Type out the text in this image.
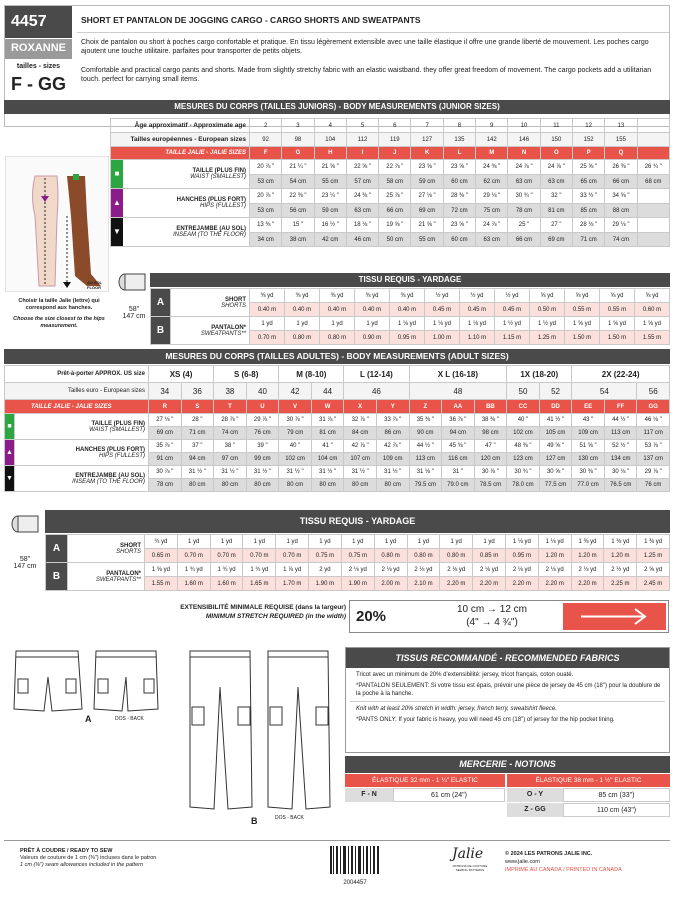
4457
ROXANNE
tailles - sizes
F - GG
SHORT ET PANTALON DE JOGGING CARGO - CARGO SHORTS AND SWEATPANTS
Choix de pantalon ou short à poches cargo confortable et pratique. En tissu légèrement extensible avec une taille élastique il offre une grande liberté de mouvement. Les poches cargo ajoutent une touche utilitaire. parfaites pour transporter de petits objets.
Comfortable and practical cargo pants and shorts. Made from slightly stretchy fabric with an elastic waistband. they offer great freedom of movement. The cargo pockets add a utilitarian touch. perfect for carrying small items.
MESURES DU CORPS (TAILLES JUNIORS) - BODY MEASUREMENTS (JUNIOR SIZES)
AU SOL FLOOR
Âge approximatif - Approximate age	2	3	4	5	6	7	8	9	10	11	12	13	
Tailles européennes - European sizes	92	98	104	112	119	127	135	142	146	150	152	155	
TAILLE JALIE - JALIE SIZES	F	G	H	I	J	K	L	M	N	O	P	Q	

■ TAILLE (PLUS FIN)
WAIST (SMALLEST)	20 ⅞ "	21 ¼ "	21 ⅝ "	22 ⅝ "	22 ⅞ "	23 ⅝ "	23 ⅝ "	24 ⅜ "	24 ⅞ "	24 ⅞ "	25 ⅝ "	26 ⅜ "	26 ¾ "
	53 cm	54 cm	55 cm	57 cm	58 cm	59 cm	60 cm	62 cm	63 cm	63 cm	65 cm	66 cm	68 cm

▲ HANCHES (PLUS FORT)
HIPS (FULLEST)	20 ⅞ "	22 ⅜ "	23 ¼ "	24 ⅜ "	25 ⅞ "	27 ⅛ "	28 ⅜ "	29 ⅛ "	30 ¾ "	32 "	33 ½ "	34 ⅝ "	
	53 cm	56 cm	59 cm	63 cm	66 cm	69 cm	72 cm	75 cm	78 cm	81 cm	85 cm	88 cm	

▼ ENTREJAMBE (AU SOL)
INSEAM (TO THE FLOOR)	13 ⅜ "	15 "	16 ½ "	18 ⅛ "	19 ⅝ "	21 ⅝ "	23 ⅝ "	24 ⅞ "	25 "	27 "	28 ⅛ "	29 ⅛ "	
	34 cm	38 cm	42 cm	46 cm	50 cm	55 cm	60 cm	63 cm	66 cm	69 cm	71 cm	74 cm	
Choisir la taille Jalie (lettre) qui correspond aux hanches.
Choose the size closest to the hips measurement.
58"
147 cm
TISSU REQUIS - YARDAGE
A	SHORT
SHORTS	⅜ yd	⅜ yd	⅜ yd	⅜ yd	⅜ yd	½ yd	½ yd	½ yd	⅝ yd	⅝ yd	⅝ yd	⅝ yd
		0.40 m	0.40 m	0.40 m	0.40 m	0.40 m	0.45 m	0.45 m	0.45 m	0.50 m	0.55 m	0.55 m	0.60 m
B	PANTALON*
SWEATPANTS**	1 yd	1 yd	1 yd	1 yd	1 ⅛ yd	1 ⅛ yd	1 ⅛ yd	1 ½ yd	1 ½ yd	1 ⅝ yd	1 ⅝ yd	1 ⅝ yd
		0.70 m	0.80 m	0.80 m	0.90 m	0.95 m	1.00 m	1.10 m	1.15 m	1.25 m	1.50 m	1.50 m	1.55 m
MESURES DU CORPS (TAILLES ADULTES) - BODY MEASUREMENTS (ADULT SIZES)
Prêt-à-porter APPROX. US size		XS (4)		S (6-8)		M (8-10)		L (12-14)		X L (16-18)			1X (18-20)		2X (22-24)		
Tailles euro - European sizes		34	36	38	40	42	44	46		48			50	52	54		56
TAILLE JALIE - JALIE SIZES		R	S	T	U	V	W	X	Y	Z	AA	BB	CC	DD	EE	FF	GG
■	TAILLE (PLUS FIN)
WAIST (SMALLEST)	27 ⅛ "	28 "	28 ⅞ "	29 ⅞ "	30 ⅞ "	31 ⅞ "	32 ⅞ "	33 ⅞ "	35 ⅜ "	36 ⅞ "	38 ⅜ "	40 "	41 ½ "	43 "	44 ½ "	46 ⅛ "
		69 cm	71 cm	74 cm	76 cm	79 cm	81 cm	84 cm	86 cm	90 cm	94 cm	98 cm	102 cm	105 cm	109 cm	113 cm	117 cm
▲	HANCHES (PLUS FORT)
HIPS (FULLEST)	35 ⅞ "	37 "	38 "	39 "	40 "	41 "	42 ⅞ "	42 ⅞ "	44 ½ "	45 ⅝ "	47 "	48 ⅜ "	49 ⅝ "	51 ⅝ "	52 ½ "	53 ⅞ "
		91 cm	94 cm	97 cm	99 cm	102 cm	104 cm	107 cm	109 cm	113 cm	116 cm	120 cm	123 cm	127 cm	130 cm	134 cm	137 cm
▼	ENTREJAMBE (AU SOL)
INSEAM (TO THE FLOOR)	30 ⅞ "	31 ½ "	31 ½ "	31 ½ "	31 ½ "	31 ½ "	31 ½ "	31 ½ "	31 ⅛ "	31 "	30 ⅞ "	30 ¾ "	30 ⅝ "	30 ⅜ "	30 ⅛ "	29 ⅞ "
		78 cm	80 cm	80 cm	80 cm	80 cm	80 cm	80 cm	80 cm	79.5 cm	79.0 cm	78.5 cm	78.0 cm	77.5 cm	77.0 cm	76.5 cm	76 cm
58"
147 cm
TISSU REQUIS - YARDAGE
A	SHORT
SHORTS	¾ yd	1 yd	1 yd	1 yd	1 yd	1 yd	1 yd	1 yd	1 yd	1 yd	1 yd	1 ⅛ yd	1 ⅛ yd	1 ⅜ yd	1 ⅜ yd	1 ⅜ yd
		0.65 m	0.70 m	0.70 m	0.70 m	0.70 m	0.75 m	0.75 m	0.80 m	0.80 m	0.80 m	0.85 m	0.95 m	1.20 m	1.20 m	1.20 m	1.25 m
B	PANTALON*
SWEATPANTS**	1 ⅝ yd	1 ¾ yd	1 ¾ yd	1 ¾ yd	1 ⅞ yd	2 yd	2 ⅛ yd	2 ⅛ yd	2 ⅛ yd	2 ⅛ yd	2 ⅛ yd	2 ⅛ yd	2 ⅛ yd	2 ⅛ yd	2 ½ yd	2 ⅝ yd
		1.55 m	1.60 m	1.60 m	1.65 m	1.70 m	1.90 m	1.90 m	2.00 m	2.10 m	2.20 m	2.20 m	2.20 m	2.20 m	2.20 m	2.25 m	2.45 m
EXTENSIBILITÉ MINIMALE REQUISE (dans la largeur)
MINIMUM STRETCH REQUIRED (in the width) 20%	10 cm → 12 cm
(4" → 4 ¾")
A	DOS - BACK
B	DOS - BACK
TISSUS RECOMMANDÉ - RECOMMENDED FABRICS
Tricot avec un minimum de 20% d'extensibilité: jersey, tricot français, coton ouaté.
*PANTALON SEULEMENT: Si votre tissu est épais, prévoir une pièce de jersey de 45 cm (18") pour la doublure de la poche à la hanche.
Knit with at least 20% stretch in width: jersey, french terry, sweatshirt fleece.
*PANTS ONLY: If your fabric is heavy, you will need 45 cm (18") of jersey for the hip pocket lining.
MERCERIE - NOTIONS
ÉLASTIQUE 32 mm - 1 ¼" ELASTIC	ÉLASTIQUE 38 mm - 1 ½" ELASTIC
F - N	61 cm (24")	O - Y	85 cm (33")
Z - GG	110 cm (43")
PRÊT À COUDRE / READY TO SEW
Valeurs de couture de 1 cm (⅜") incluses dans le patron
1 cm (⅜") seam allowances included in the pattern
Jalie
PATRONS DE COUTURE SEWING PATTERNS
2004457
© 2024 LES PATRONS JALIE INC.
www.jalie.com
IMPRIMÉ AU CANADA / PRINTED IN CANADA
